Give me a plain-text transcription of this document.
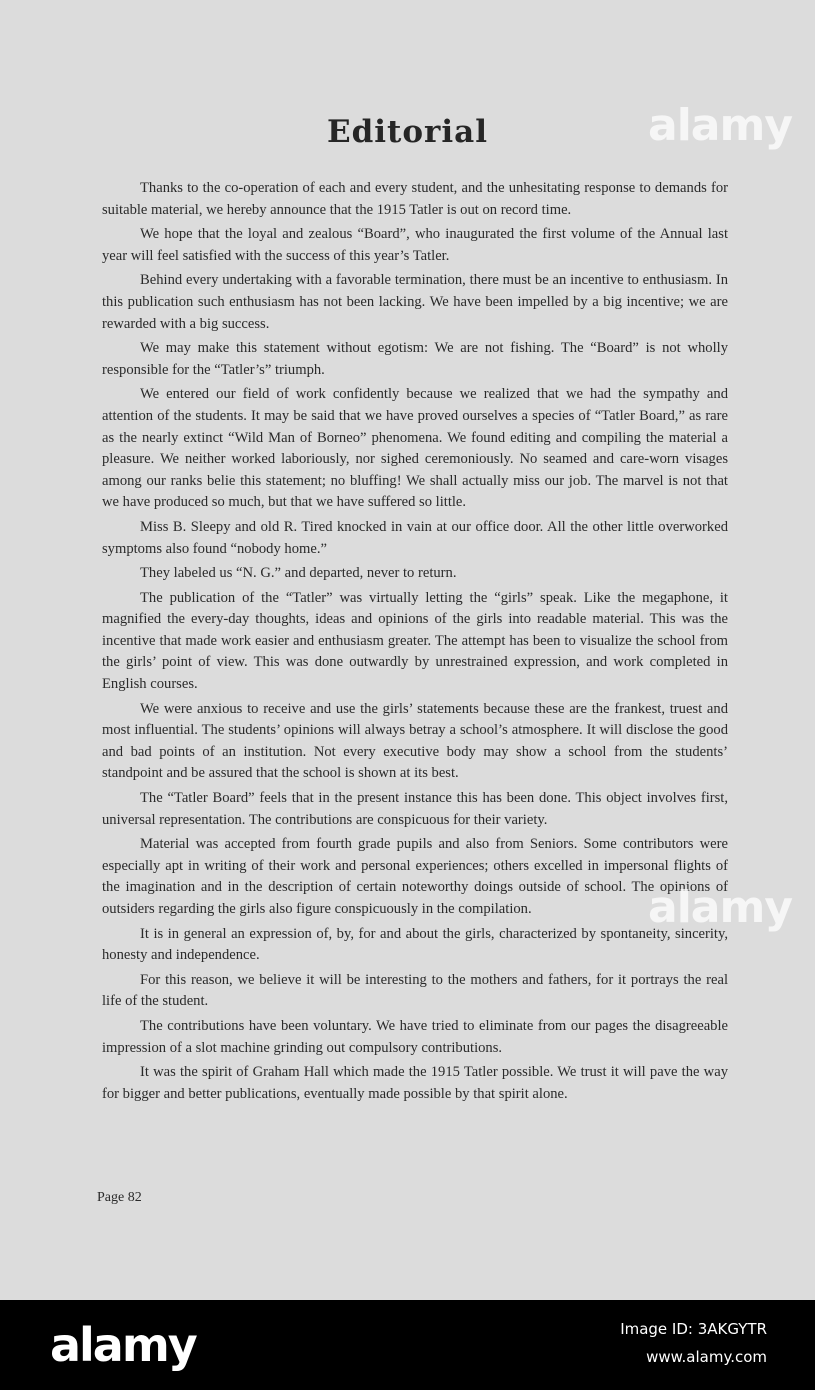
Editorial

Thanks to the co-operation of each and every student, and the unhesitating response to demands for suitable material, we hereby announce that the 1915 Tatler is out on record time.

We hope that the loyal and zealous “Board”, who inaugurated the first volume of the Annual last year will feel satisfied with the success of this year’s Tatler.

Behind every undertaking with a favorable termination, there must be an incentive to enthusiasm. In this publication such enthusiasm has not been lacking. We have been impelled by a big incentive; we are rewarded with a big success.

We may make this statement without egotism: We are not fishing. The “Board” is not wholly responsible for the “Tatler’s” triumph.

We entered our field of work confidently because we realized that we had the sympathy and attention of the students. It may be said that we have proved ourselves a species of “Tatler Board,” as rare as the nearly extinct “Wild Man of Borneo” phenomena. We found editing and compiling the material a pleasure. We neither worked laboriously, nor sighed ceremoniously. No seamed and care-worn visages among our ranks belie this statement; no bluffing! We shall actually miss our job. The marvel is not that we have produced so much, but that we have suffered so little.

Miss B. Sleepy and old R. Tired knocked in vain at our office door. All the other little overworked symptoms also found “nobody home.”

They labeled us “N. G.” and departed, never to return.

The publication of the “Tatler” was virtually letting the “girls” speak. Like the megaphone, it magnified the every-day thoughts, ideas and opinions of the girls into readable material. This was the incentive that made work easier and enthusiasm greater. The attempt has been to visualize the school from the girls’ point of view. This was done outwardly by unrestrained expression, and work completed in English courses.

We were anxious to receive and use the girls’ statements because these are the frankest, truest and most influential. The students’ opinions will always betray a school’s atmosphere. It will disclose the good and bad points of an institution. Not every executive body may show a school from the students’ standpoint and be assured that the school is shown at its best.

The “Tatler Board” feels that in the present instance this has been done. This object involves first, universal representation. The contributions are conspicuous for their variety.

Material was accepted from fourth grade pupils and also from Seniors. Some contributors were especially apt in writing of their work and personal experiences; others excelled in impersonal flights of the imagination and in the description of certain noteworthy doings outside of school. The opinions of outsiders regarding the girls also figure conspicuously in the compilation.

It is in general an expression of, by, for and about the girls, characterized by spontaneity, sincerity, honesty and independence.

For this reason, we believe it will be interesting to the mothers and fathers, for it portrays the real life of the student.

The contributions have been voluntary. We have tried to eliminate from our pages the disagreeable impression of a slot machine grinding out compulsory contributions.

It was the spirit of Graham Hall which made the 1915 Tatler possible. We trust it will pave the way for bigger and better publications, eventually made possible by that spirit alone.

Page 82
alamy
alamy
alamy	Image ID: 3AKGYTR
www.alamy.com
